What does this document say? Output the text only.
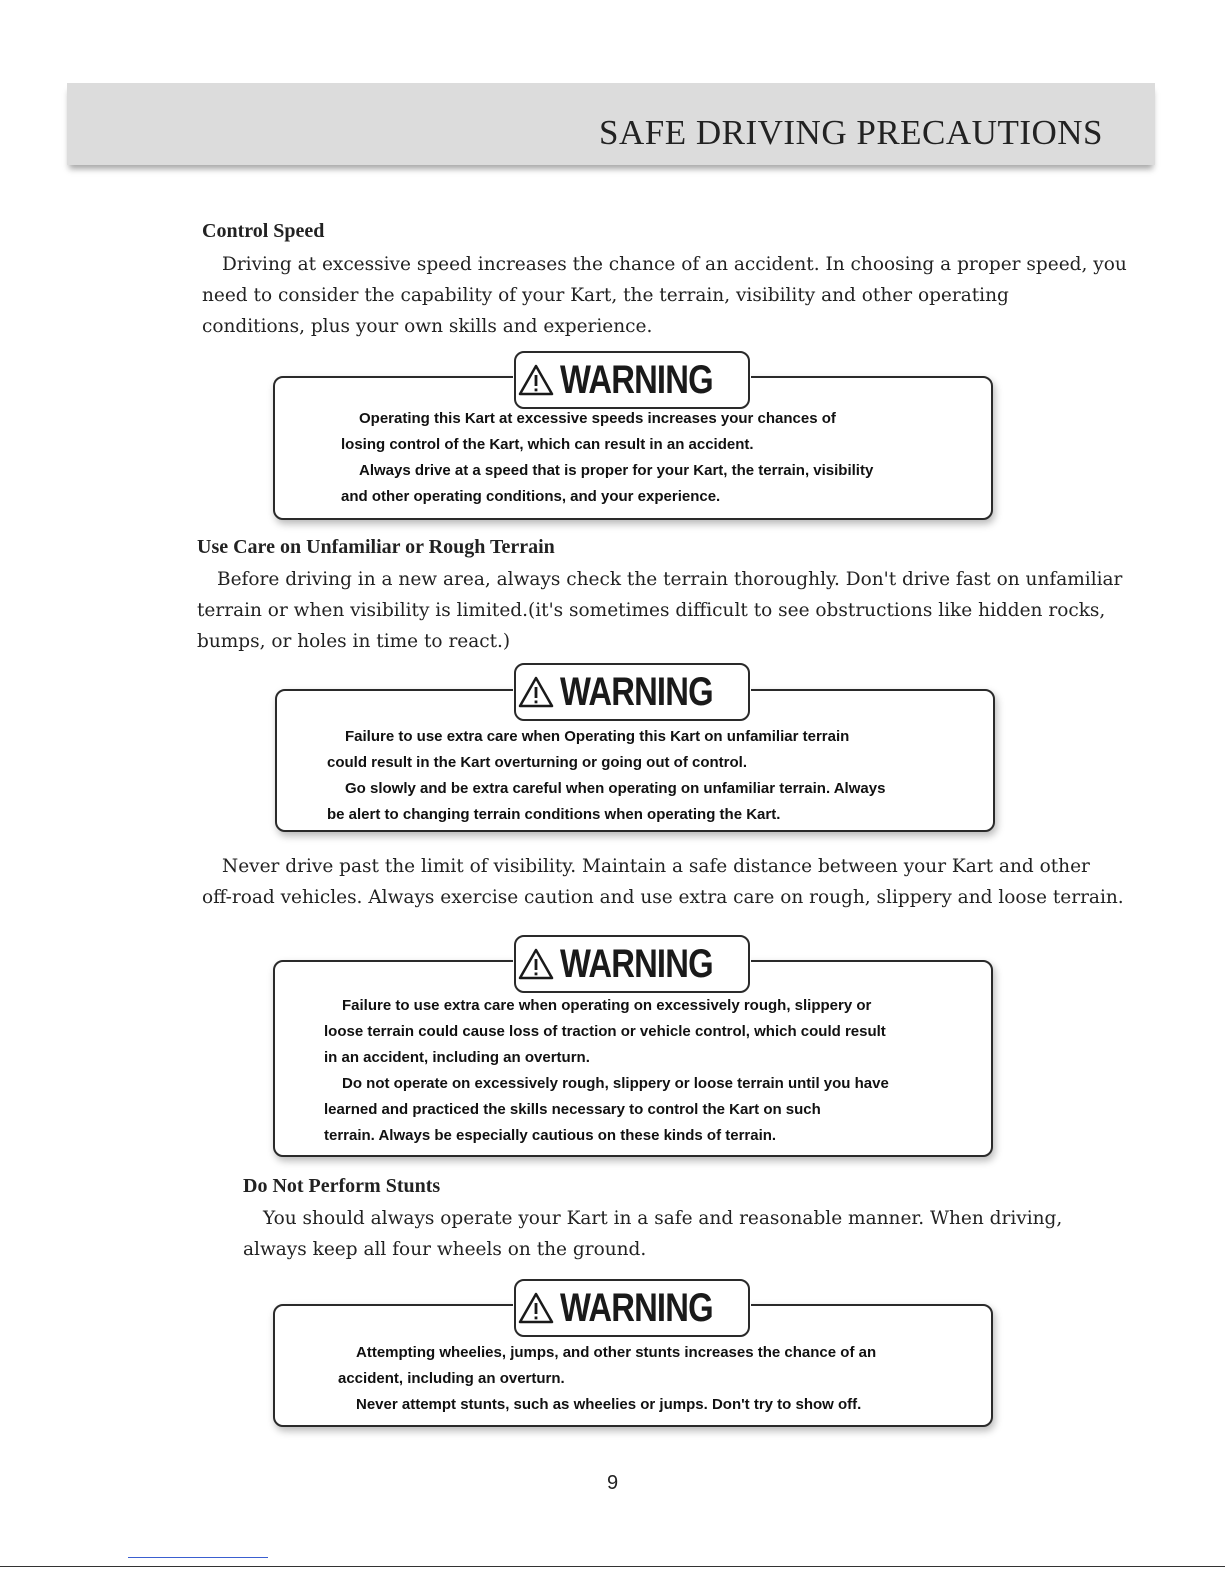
SAFE DRIVING PRECAUTIONS
Control Speed
Driving at excessive speed increases the chance of an accident. In choosing a proper speed, you
need to consider the capability of your Kart, the terrain, visibility and other operating
conditions, plus your own skills and experience.
Operating this Kart at excessive speeds increases your chances of
losing control of the Kart, which can result in an accident.
Always drive at a speed that is proper for your Kart, the terrain, visibility
and other operating conditions, and your experience.
WARNING
Use Care on Unfamiliar or Rough Terrain
Before driving in a new area, always check the terrain thoroughly. Don't drive fast on unfamiliar
terrain or when visibility is limited.(it's sometimes difficult to see obstructions like hidden rocks,
bumps, or holes in time to react.)
Failure to use extra care when Operating this Kart on unfamiliar terrain
could result in the Kart overturning or going out of control.
Go slowly and be extra careful when operating on unfamiliar terrain. Always
be alert to changing terrain conditions when operating the Kart.
WARNING
Never drive past the limit of visibility. Maintain a safe distance between your Kart and other
off-road vehicles. Always exercise caution and use extra care on rough, slippery and loose terrain.
Failure to use extra care when operating on excessively rough, slippery or
loose terrain could cause loss of traction or vehicle control, which could result
in an accident, including an overturn.
Do not operate on excessively rough, slippery or loose terrain until you have
learned and practiced the skills necessary to control the Kart on such
terrain. Always be especially cautious on these kinds of terrain.
WARNING
Do Not Perform Stunts
You should always operate your Kart in a safe and reasonable manner. When driving,
always keep all four wheels on the ground.
Attempting wheelies, jumps, and other stunts increases the chance of an
accident, including an overturn.
Never attempt stunts, such as wheelies or jumps. Don't try to show off.
WARNING
9
